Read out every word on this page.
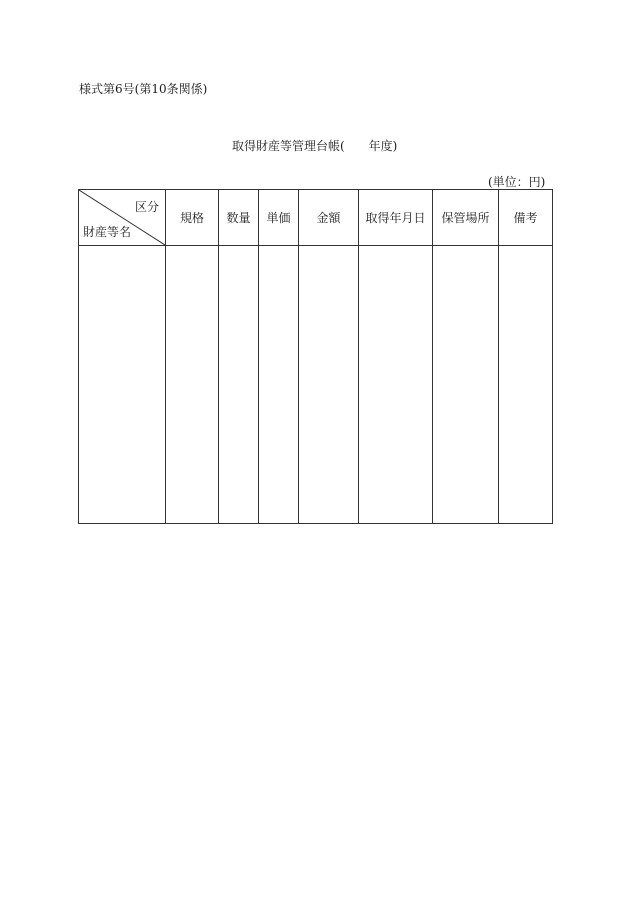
様式第6号(第10条関係)
取得財産等管理台帳(　　年度)
(単位：円)
区分
財産等名	規格	数量	単価	金額	取得年月日	保管場所	備考
